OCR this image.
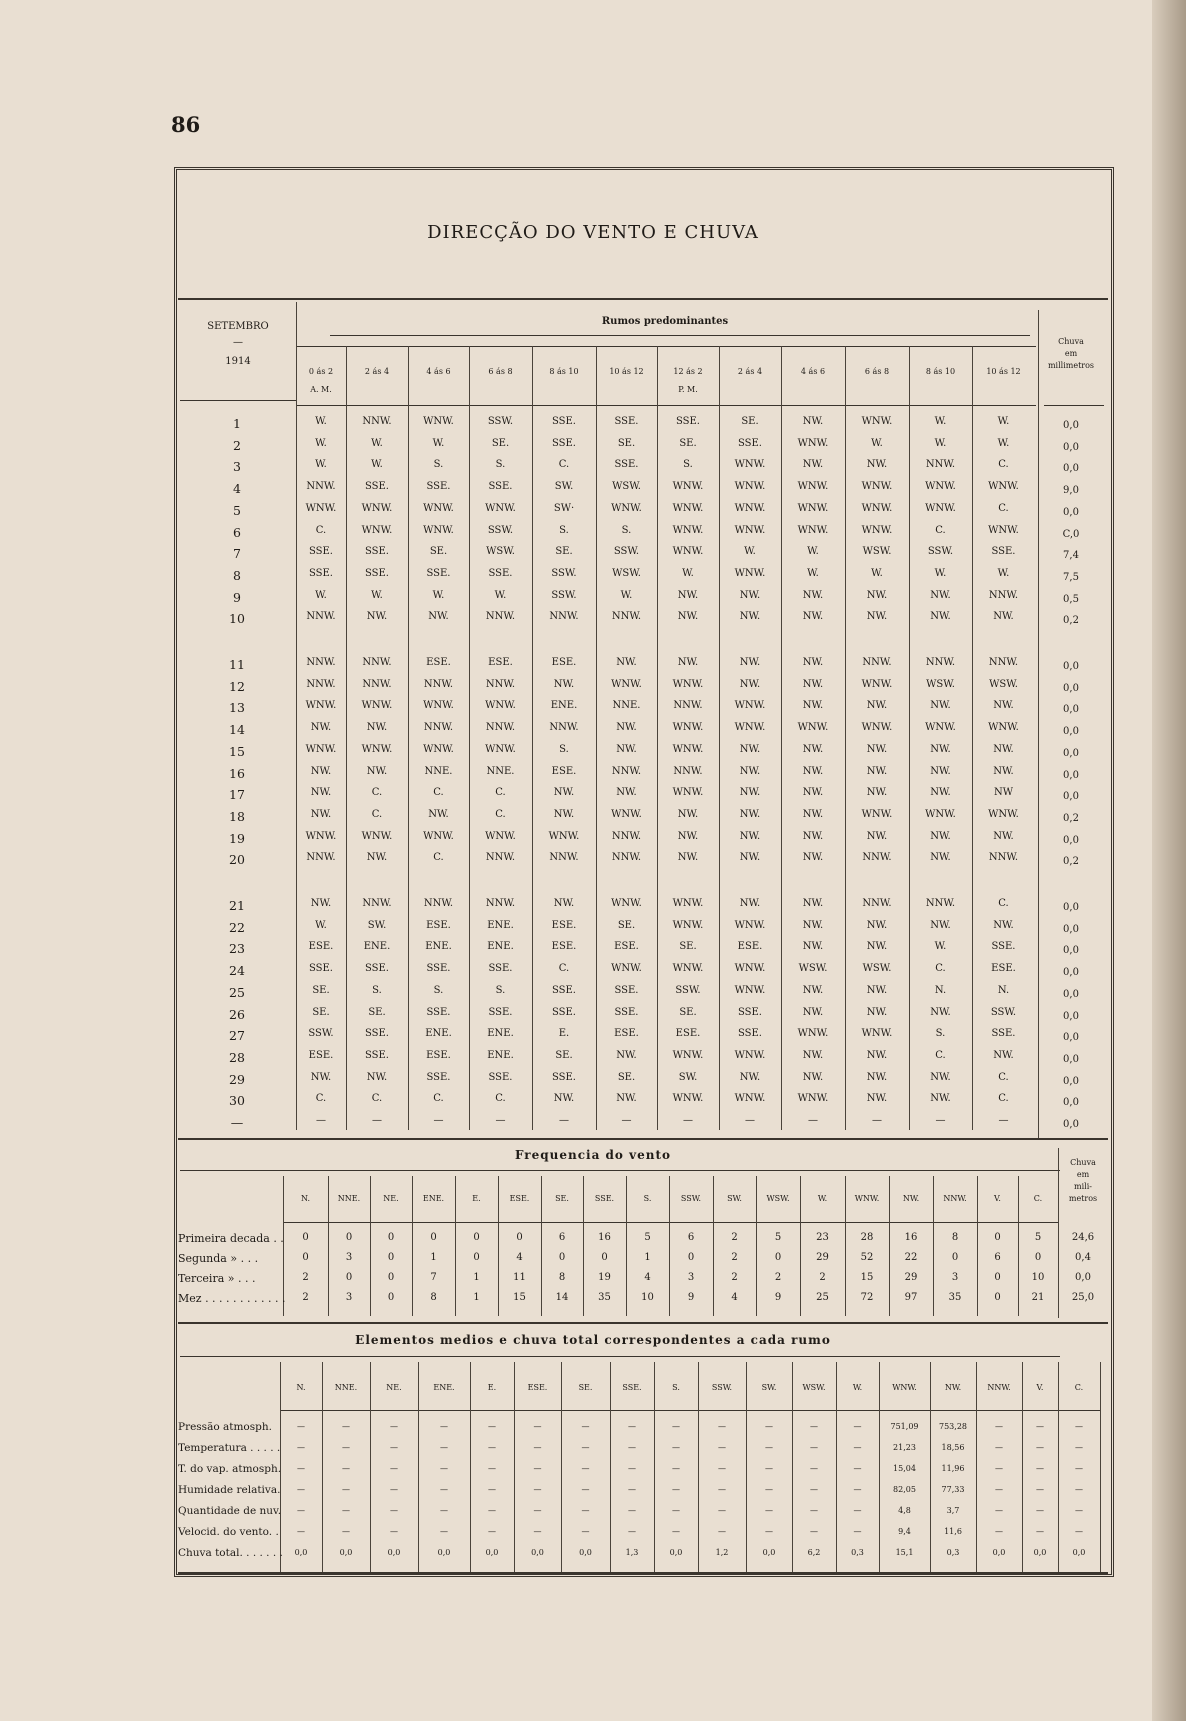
86
DIRECÇÃO DO VENTO E CHUVA
SETEMBRO
—
1914
Rumos predominantes
0 ás 2
A. M.
2 ás 4	4 ás 6	6 ás 8	8 ás 10	10 ás 12	12 ás 2
P. M.
2 ás 4	4 ás 6	6 ás 8	8 ás 10	10 ás 12
Chuva
em
millimetros
1	W.	NNW.	WNW.	SSW.	SSE.	SSE.	SSE.	SE.	NW.	WNW.	W.	W.	0,0
2	W.	W.	W.	SE.	SSE.	SE.	SE.	SSE.	WNW.	W.	W.	W.	0,0
3	W.	W.	S.	S.	C.	SSE.	S.	WNW.	NW.	NW.	NNW.	C.	0,0
4	NNW.	SSE.	SSE.	SSE.	SW.	WSW.	WNW.	WNW.	WNW.	WNW.	WNW.	WNW.	9,0
5	WNW.	WNW.	WNW.	WNW.	SW·	WNW.	WNW.	WNW.	WNW.	WNW.	WNW.	C.	0,0
6	C.	WNW.	WNW.	SSW.	S.	S.	WNW.	WNW.	WNW.	WNW.	C.	WNW.	C,0
7	SSE.	SSE.	SE.	WSW.	SE.	SSW.	WNW.	W.	W.	WSW.	SSW.	SSE.	7,4
8	SSE.	SSE.	SSE.	SSE.	SSW.	WSW.	W.	WNW.	W.	W.	W.	W.	7,5
9	W.	W.	W.	W.	SSW.	W.	NW.	NW.	NW.	NW.	NW.	NNW.	0,5
10	NNW.	NW.	NW.	NNW.	NNW.	NNW.	NW.	NW.	NW.	NW.	NW.	NW.	0,2
11	NNW.	NNW.	ESE.	ESE.	ESE.	NW.	NW.	NW.	NW.	NNW.	NNW.	NNW.	0,0
12	NNW.	NNW.	NNW.	NNW.	NW.	WNW.	WNW.	NW.	NW.	WNW.	WSW.	WSW.	0,0
13	WNW.	WNW.	WNW.	WNW.	ENE.	NNE.	NNW.	WNW.	NW.	NW.	NW.	NW.	0,0
14	NW.	NW.	NNW.	NNW.	NNW.	NW.	WNW.	WNW.	WNW.	WNW.	WNW.	WNW.	0,0
15	WNW.	WNW.	WNW.	WNW.	S.	NW.	WNW.	NW.	NW.	NW.	NW.	NW.	0,0
16	NW.	NW.	NNE.	NNE.	ESE.	NNW.	NNW.	NW.	NW.	NW.	NW.	NW.	0,0
17	NW.	C.	C.	C.	NW.	NW.	WNW.	NW.	NW.	NW.	NW.	NW	0,0
18	NW.	C.	NW.	C.	NW.	WNW.	NW.	NW.	NW.	WNW.	WNW.	WNW.	0,2
19	WNW.	WNW.	WNW.	WNW.	WNW.	NNW.	NW.	NW.	NW.	NW.	NW.	NW.	0,0
20	NNW.	NW.	C.	NNW.	NNW.	NNW.	NW.	NW.	NW.	NNW.	NW.	NNW.	0,2
21	NW.	NNW.	NNW.	NNW.	NW.	WNW.	WNW.	NW.	NW.	NNW.	NNW.	C.	0,0
22	W.	SW.	ESE.	ENE.	ESE.	SE.	WNW.	WNW.	NW.	NW.	NW.	NW.	0,0
23	ESE.	ENE.	ENE.	ENE.	ESE.	ESE.	SE.	ESE.	NW.	NW.	W.	SSE.	0,0
24	SSE.	SSE.	SSE.	SSE.	C.	WNW.	WNW.	WNW.	WSW.	WSW.	C.	ESE.	0,0
25	SE.	S.	S.	S.	SSE.	SSE.	SSW.	WNW.	NW.	NW.	N.	N.	0,0
26	SE.	SE.	SSE.	SSE.	SSE.	SSE.	SE.	SSE.	NW.	NW.	NW.	SSW.	0,0
27	SSW.	SSE.	ENE.	ENE.	E.	ESE.	ESE.	SSE.	WNW.	WNW.	S.	SSE.	0,0
28	ESE.	SSE.	ESE.	ENE.	SE.	NW.	WNW.	WNW.	NW.	NW.	C.	NW.	0,0
29	NW.	NW.	SSE.	SSE.	SSE.	SE.	SW.	NW.	NW.	NW.	NW.	C.	0,0
30	C.	C.	C.	C.	NW.	NW.	WNW.	WNW.	WNW.	NW.	NW.	C.	0,0
—	—	—	—	—	—	—	—	—	—	—	—	—	0,0
Frequencia do vento
N.	NNE.	NE.	ENE.	E.	ESE.	SE.	SSE.	S.	SSW.	SW.	WSW.	W.	WNW.	NW.	NNW.	V.	C.
Chuva
em
mili-
metros
Primeira decada . .	0	0	0	0	0	0	6	16	5	6	2	5	23	28	16	8	0	5	24,6
Segunda » . . .	0	3	0	1	0	4	0	0	1	0	2	0	29	52	22	0	6	0	0,4
Terceira » . . .	2	0	0	7	1	11	8	19	4	3	2	2	2	15	29	3	0	10	0,0
Mez . . . . . . . . . . . .	2	3	0	8	1	15	14	35	10	9	4	9	25	72	97	35	0	21	25,0
Elementos medios e chuva total correspondentes a cada rumo
N.	NNE.	NE.	ENE.	E.	ESE.	SE.	SSE.	S.	SSW.	SW.	WSW.	W.	WNW.	NW.	NNW.	V.	C.
Pressão atmosph.	—	—	—	—	—	—	—	—	—	—	—	—	—	751,09	753,28	—	—	—
Temperatura . . . . .	—	—	—	—	—	—	—	—	—	—	—	—	—	21,23	18,56	—	—	—
T. do vap. atmosph.	—	—	—	—	—	—	—	—	—	—	—	—	—	15,04	11,96	—	—	—
Humidade relativa.	—	—	—	—	—	—	—	—	—	—	—	—	—	82,05	77,33	—	—	—
Quantidade de nuv.	—	—	—	—	—	—	—	—	—	—	—	—	—	4,8	3,7	—	—	—
Velocid. do vento. .	—	—	—	—	—	—	—	—	—	—	—	—	—	9,4	11,6	—	—	—
Chuva total. . . . . . .	0,0	0,0	0,0	0,0	0,0	0,0	0,0	1,3	0,0	1,2	0,0	6,2	0,3	15,1	0,3	0,0	0,0	0,0
